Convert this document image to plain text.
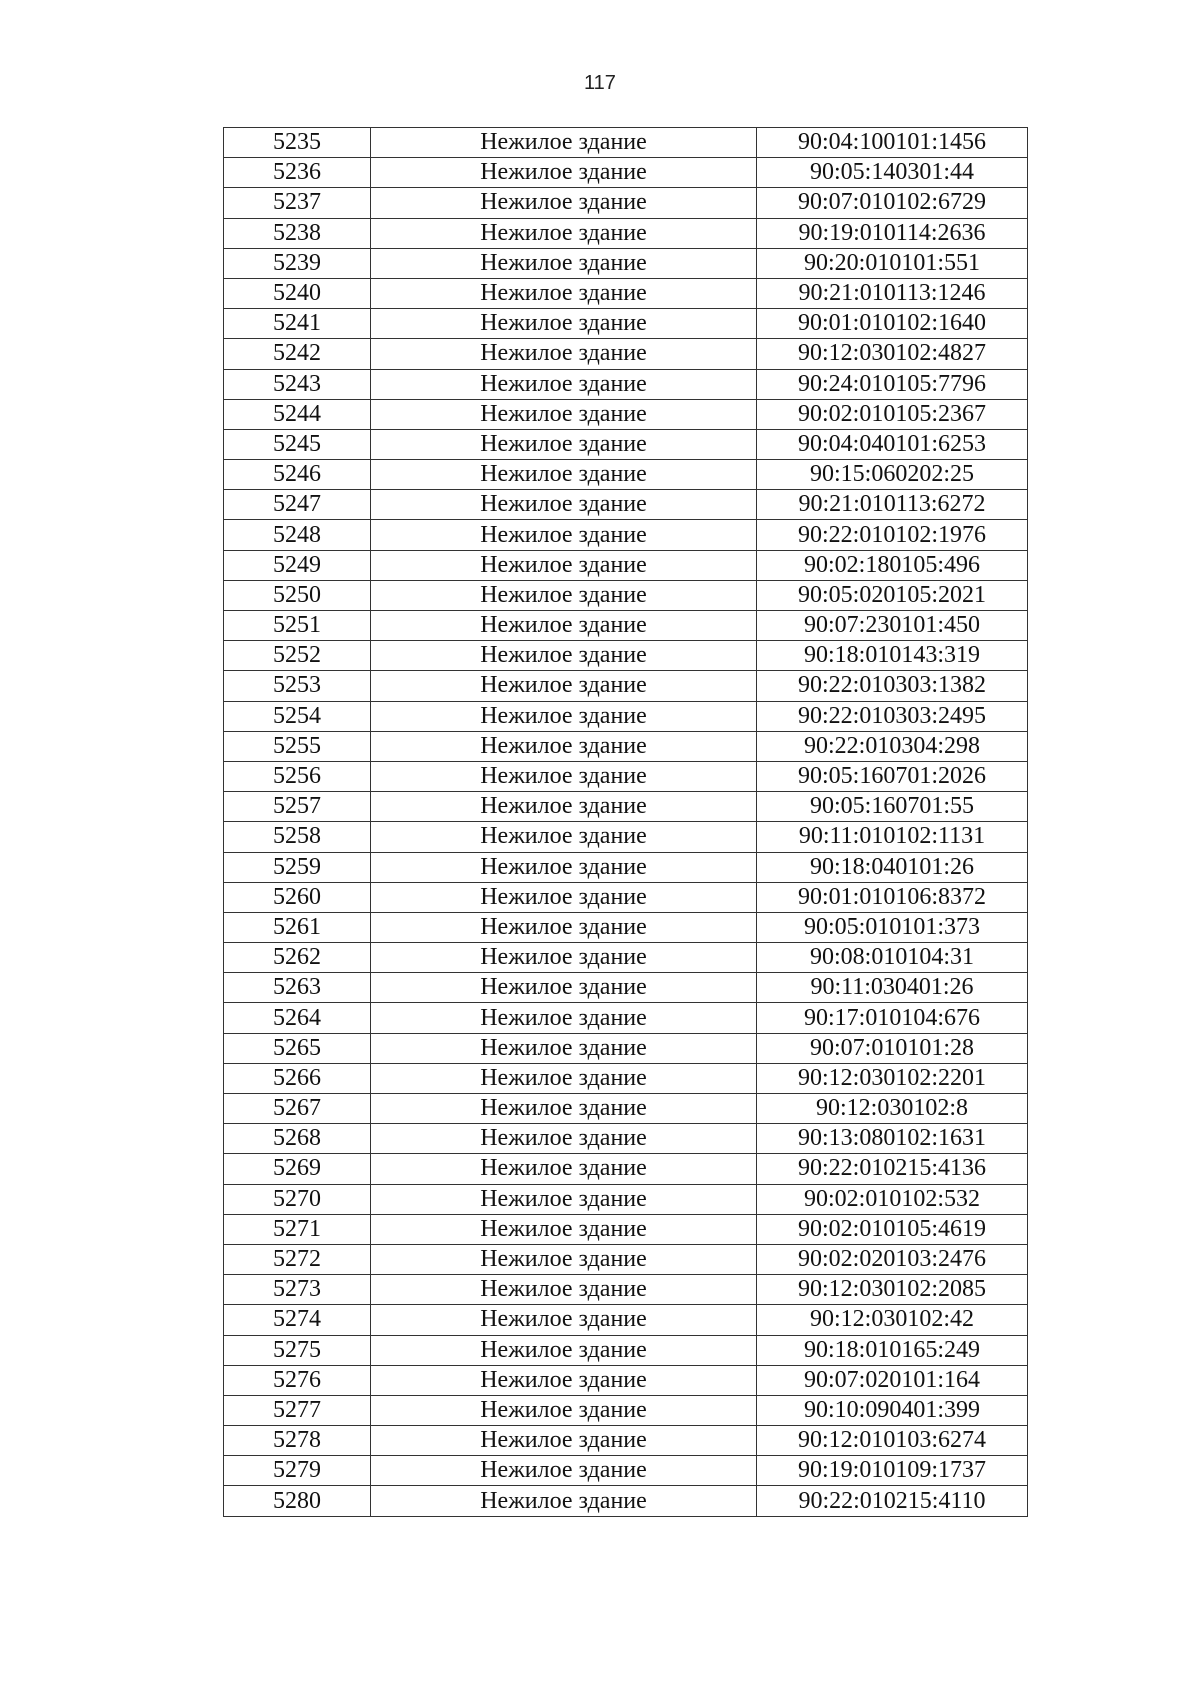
117
5235	Нежилое здание	90:04:100101:1456
5236	Нежилое здание	90:05:140301:44
5237	Нежилое здание	90:07:010102:6729
5238	Нежилое здание	90:19:010114:2636
5239	Нежилое здание	90:20:010101:551
5240	Нежилое здание	90:21:010113:1246
5241	Нежилое здание	90:01:010102:1640
5242	Нежилое здание	90:12:030102:4827
5243	Нежилое здание	90:24:010105:7796
5244	Нежилое здание	90:02:010105:2367
5245	Нежилое здание	90:04:040101:6253
5246	Нежилое здание	90:15:060202:25
5247	Нежилое здание	90:21:010113:6272
5248	Нежилое здание	90:22:010102:1976
5249	Нежилое здание	90:02:180105:496
5250	Нежилое здание	90:05:020105:2021
5251	Нежилое здание	90:07:230101:450
5252	Нежилое здание	90:18:010143:319
5253	Нежилое здание	90:22:010303:1382
5254	Нежилое здание	90:22:010303:2495
5255	Нежилое здание	90:22:010304:298
5256	Нежилое здание	90:05:160701:2026
5257	Нежилое здание	90:05:160701:55
5258	Нежилое здание	90:11:010102:1131
5259	Нежилое здание	90:18:040101:26
5260	Нежилое здание	90:01:010106:8372
5261	Нежилое здание	90:05:010101:373
5262	Нежилое здание	90:08:010104:31
5263	Нежилое здание	90:11:030401:26
5264	Нежилое здание	90:17:010104:676
5265	Нежилое здание	90:07:010101:28
5266	Нежилое здание	90:12:030102:2201
5267	Нежилое здание	90:12:030102:8
5268	Нежилое здание	90:13:080102:1631
5269	Нежилое здание	90:22:010215:4136
5270	Нежилое здание	90:02:010102:532
5271	Нежилое здание	90:02:010105:4619
5272	Нежилое здание	90:02:020103:2476
5273	Нежилое здание	90:12:030102:2085
5274	Нежилое здание	90:12:030102:42
5275	Нежилое здание	90:18:010165:249
5276	Нежилое здание	90:07:020101:164
5277	Нежилое здание	90:10:090401:399
5278	Нежилое здание	90:12:010103:6274
5279	Нежилое здание	90:19:010109:1737
5280	Нежилое здание	90:22:010215:4110
